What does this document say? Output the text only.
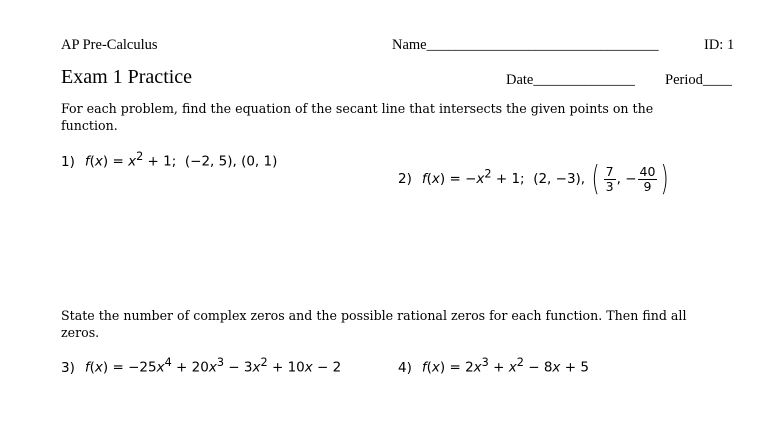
AP Pre-Calculus	Name________________________________	ID: 1
Exam 1 Practice	Date______________ Period____
For each problem, find the equation of the secant line that intersects the given points on the function.
1) $f(x) = x^2 + 1$; (−2, 5), (0, 1)
2) $f(x) = -x^2 + 1$; (2, −3), ( $\frac{7}{3}$ , − $\frac{40}{9}$ )
State the number of complex zeros and the possible rational zeros for each function. Then find all zeros.
3) $f(x) = -25x^4 + 20x^3 - 3x^2 + 10x - 2$	4) $f(x) = 2x^3 + x^2 - 8x + 5$
